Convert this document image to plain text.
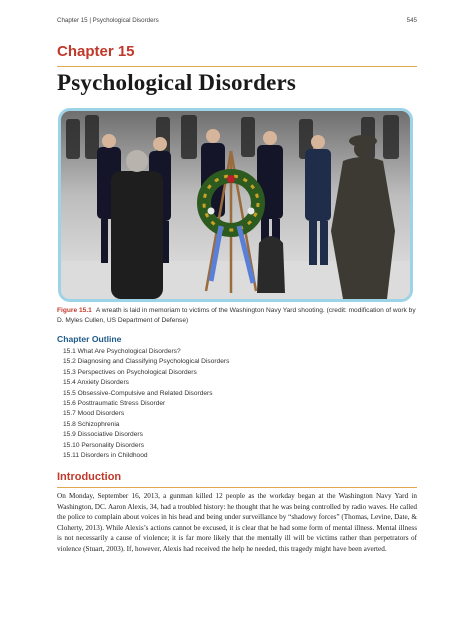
Chapter 15 | Psychological Disorders	545
Chapter 15
Psychological Disorders
Figure 15.1 A wreath is laid in memoriam to victims of the Washington Navy Yard shooting. (credit: modification of work by D. Myles Cullen, US Department of Defense)
Chapter Outline
15.1 What Are Psychological Disorders?
15.2 Diagnosing and Classifying Psychological Disorders
15.3 Perspectives on Psychological Disorders
15.4 Anxiety Disorders
15.5 Obsessive-Compulsive and Related Disorders
15.6 Posttraumatic Stress Disorder
15.7 Mood Disorders
15.8 Schizophrenia
15.9 Dissociative Disorders
15.10 Personality Disorders
15.11 Disorders in Childhood
Introduction

On Monday, September 16, 2013, a gunman killed 12 people as the workday began at the Washington Navy Yard in Washington, DC. Aaron Alexis, 34, had a troubled history: he thought that he was being controlled by radio waves. He called the police to complain about voices in his head and being under surveillance by “shadowy forces” (Thomas, Levine, Date, & Cloherty, 2013). While Alexis’s actions cannot be excused, it is clear that he had some form of mental illness. Mental illness is not necessarily a cause of violence; it is far more likely that the mentally ill will be victims rather than perpetrators of violence (Stuart, 2003). If, however, Alexis had received the help he needed, this tragedy might have been averted.
